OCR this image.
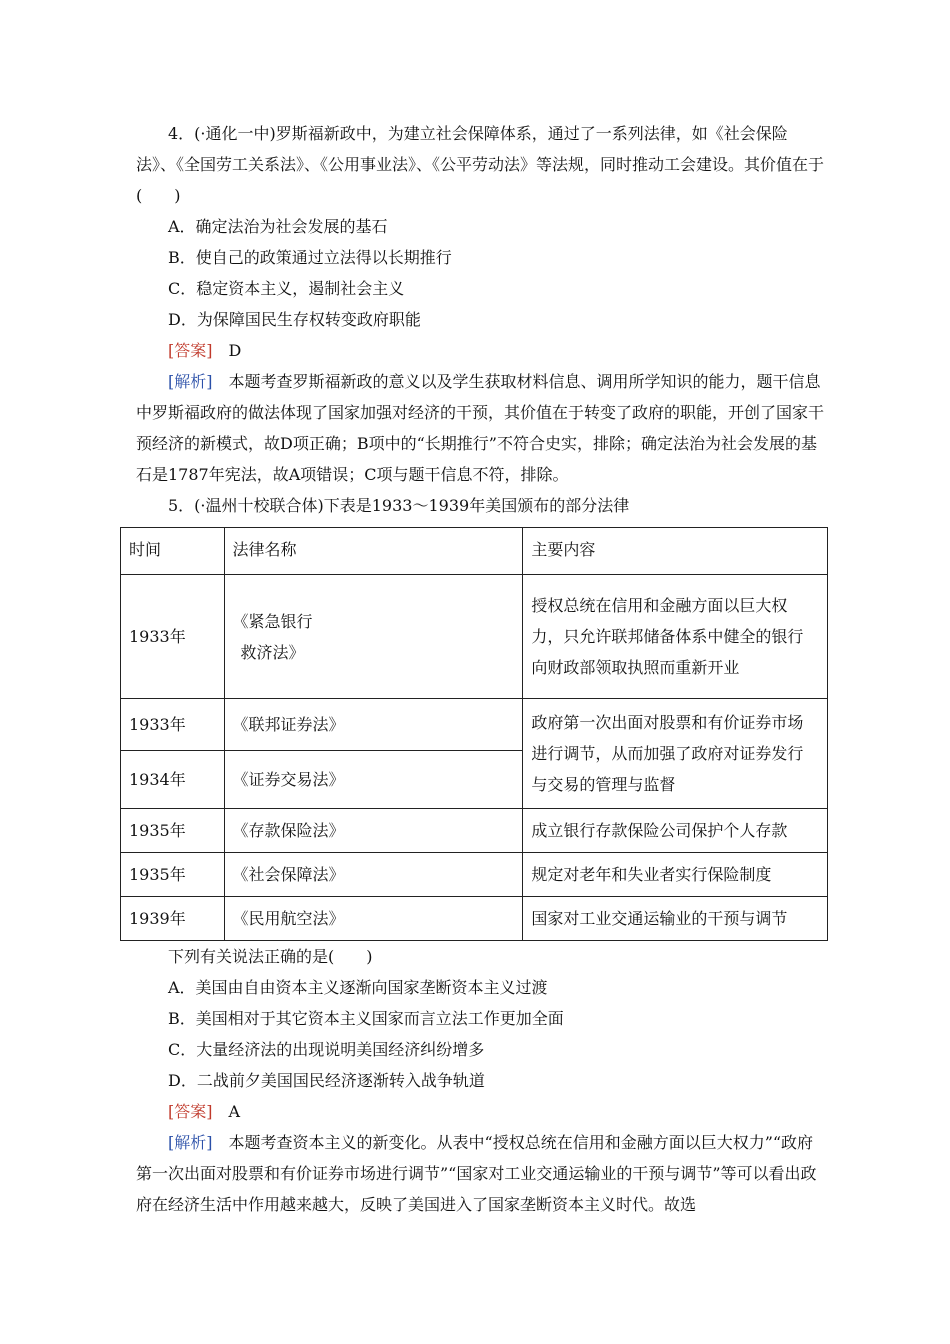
4．(·通化一中)罗斯福新政中，为建立社会保障体系，通过了一系列法律，如《社会保险法》、《全国劳工关系法》、《公用事业法》、《公平劳动法》等法规，同时推动工会建设。其价值在于(　　)

A．确定法治为社会发展的基石
B．使自己的政策通过立法得以长期推行
C．稳定资本主义，遏制社会主义
D．为保障国民生存权转变政府职能
[答案] D

[解析]　 本题考查罗斯福新政的意义以及学生获取材料信息、调用所学知识的能力，题干信息中罗斯福政府的做法体现了国家加强对经济的干预，其价值在于转变了政府的职能，开创了国家干预经济的新模式，故D项正确；B项中的“长期推行”不符合史实，排除；确定法治为社会发展的基石是1787年宪法，故A项错误；C项与题干信息不符，排除。

5．(·温州十校联合体)下表是1933～1939年美国颁布的部分法律

时间	法律名称	主要内容
1933年	《紧急银行
救济法》	授权总统在信用和金融方面以巨大权力，只允许联邦储备体系中健全的银行向财政部领取执照而重新开业
1933年	《联邦证券法》	政府第一次出面对股票和有价证券市场进行调节，从而加强了政府对证券发行与交易的管理与监督
1934年	《证券交易法》	
1935年	《存款保险法》	成立银行存款保险公司保护个人存款
1935年	《社会保障法》	规定对老年和失业者实行保险制度
1939年	《民用航空法》	国家对工业交通运输业的干预与调节

下列有关说法正确的是(　　)

A．美国由自由资本主义逐渐向国家垄断资本主义过渡
B．美国相对于其它资本主义国家而言立法工作更加全面
C．大量经济法的出现说明美国经济纠纷增多
D．二战前夕美国国民经济逐渐转入战争轨道
[答案] A

[解析]　 本题考查资本主义的新变化。从表中“授权总统在信用和金融方面以巨大权力”“政府第一次出面对股票和有价证券市场进行调节”“国家对工业交通运输业的干预与调节”等可以看出政府在经济生活中作用越来越大，反映了美国进入了国家垄断资本主义时代。故选
